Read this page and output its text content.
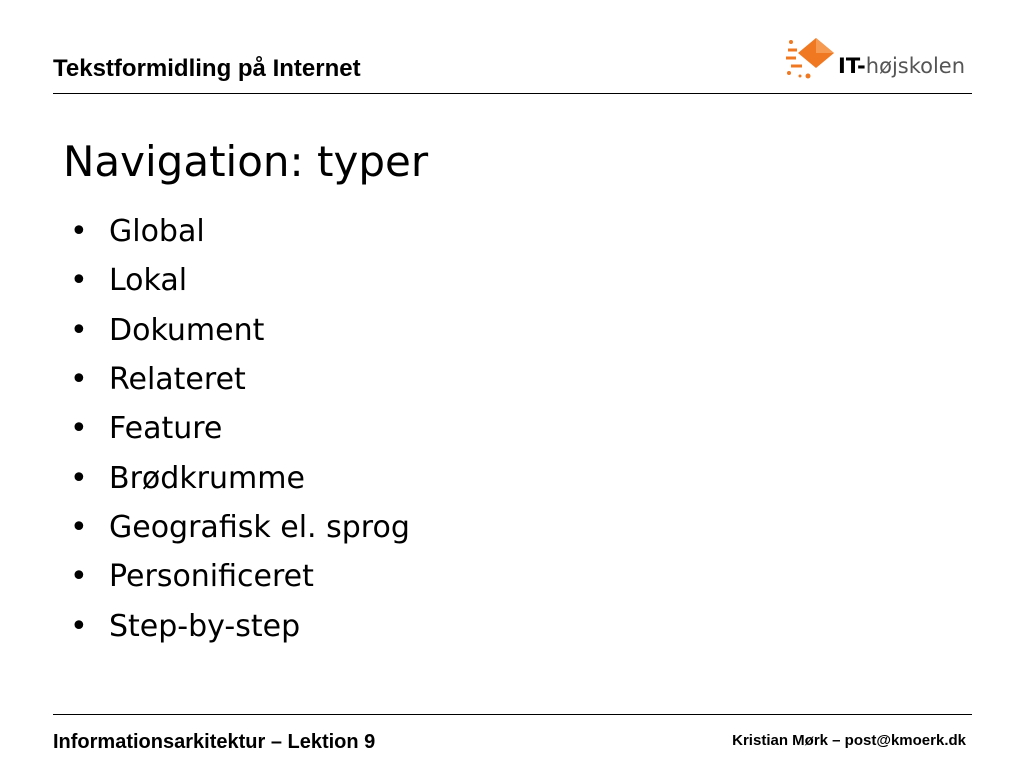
Tekstformidling på Internet	IT-højskolen
Navigation: typer
• Global
• Lokal
• Dokument
• Relateret
• Feature
• Brødkrumme
• Geografisk el. sprog
• Personificeret
• Step-by-step
Informationsarkitektur – Lektion 9	Kristian Mørk – post@kmoerk.dk
